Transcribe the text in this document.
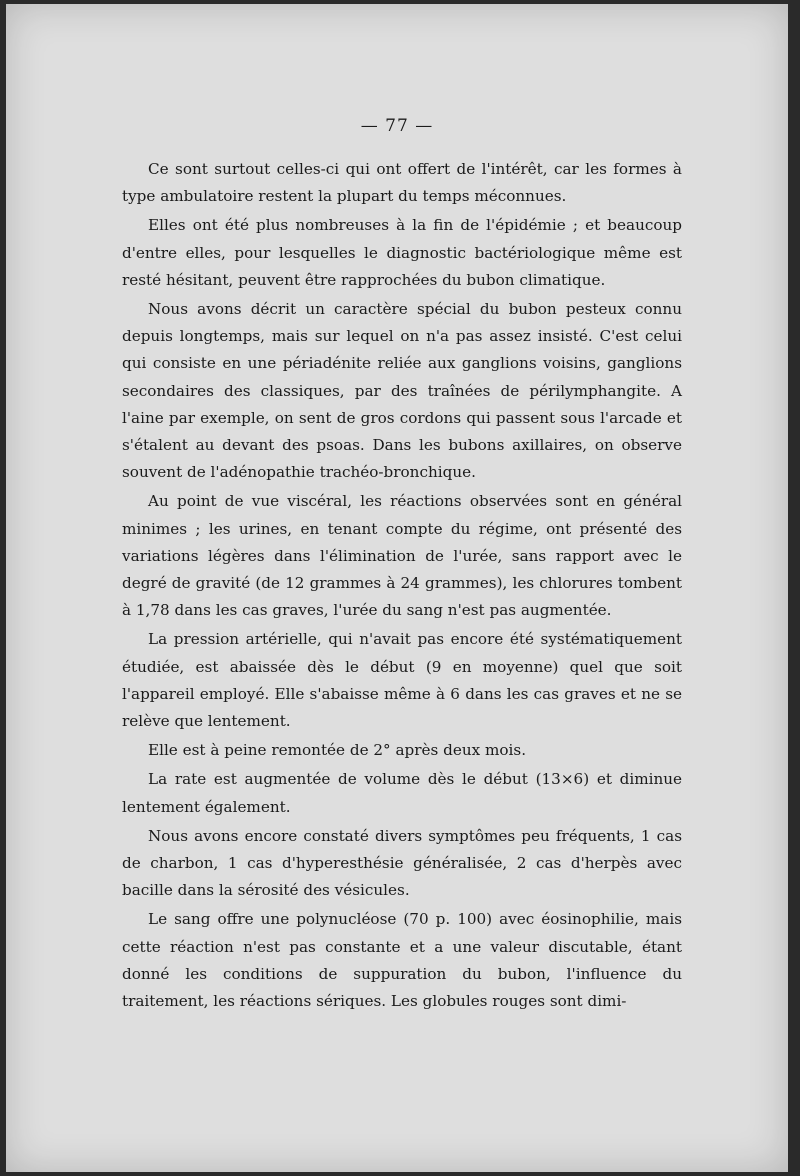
— 77 —

Ce sont surtout celles-ci qui ont offert de l'intérêt, car les formes à type ambulatoire restent la plupart du temps méconnues.

Elles ont été plus nombreuses à la fin de l'épidémie ; et beaucoup d'entre elles, pour lesquelles le diagnostic bactériologique même est resté hésitant, peuvent être rapprochées du bubon climatique.

Nous avons décrit un caractère spécial du bubon pesteux connu depuis longtemps, mais sur lequel on n'a pas assez insisté. C'est celui qui consiste en une périadénite reliée aux ganglions voisins, ganglions secondaires des classiques, par des traînées de périlymphangite. A l'aine par exemple, on sent de gros cordons qui passent sous l'arcade et s'étalent au devant des psoas. Dans les bubons axillaires, on observe souvent de l'adénopathie trachéo-bronchique.

Au point de vue viscéral, les réactions observées sont en général minimes ; les urines, en tenant compte du régime, ont présenté des variations légères dans l'élimination de l'urée, sans rapport avec le degré de gravité (de 12 grammes à 24 grammes), les chlorures tombent à 1,78 dans les cas graves, l'urée du sang n'est pas augmentée.

La pression artérielle, qui n'avait pas encore été systématiquement étudiée, est abaissée dès le début (9 en moyenne) quel que soit l'appareil employé. Elle s'abaisse même à 6 dans les cas graves et ne se relève que lentement.

Elle est à peine remontée de 2° après deux mois.

La rate est augmentée de volume dès le début (13×6) et diminue lentement également.

Nous avons encore constaté divers symptômes peu fréquents, 1 cas de charbon, 1 cas d'hyperesthésie généralisée, 2 cas d'herpès avec bacille dans la sérosité des vésicules.

Le sang offre une polynucléose (70 p. 100) avec éosinophilie, mais cette réaction n'est pas constante et a une valeur discutable, étant donné les conditions de suppuration du bubon, l'influence du traitement, les réactions sériques. Les globules rouges sont dimi-
